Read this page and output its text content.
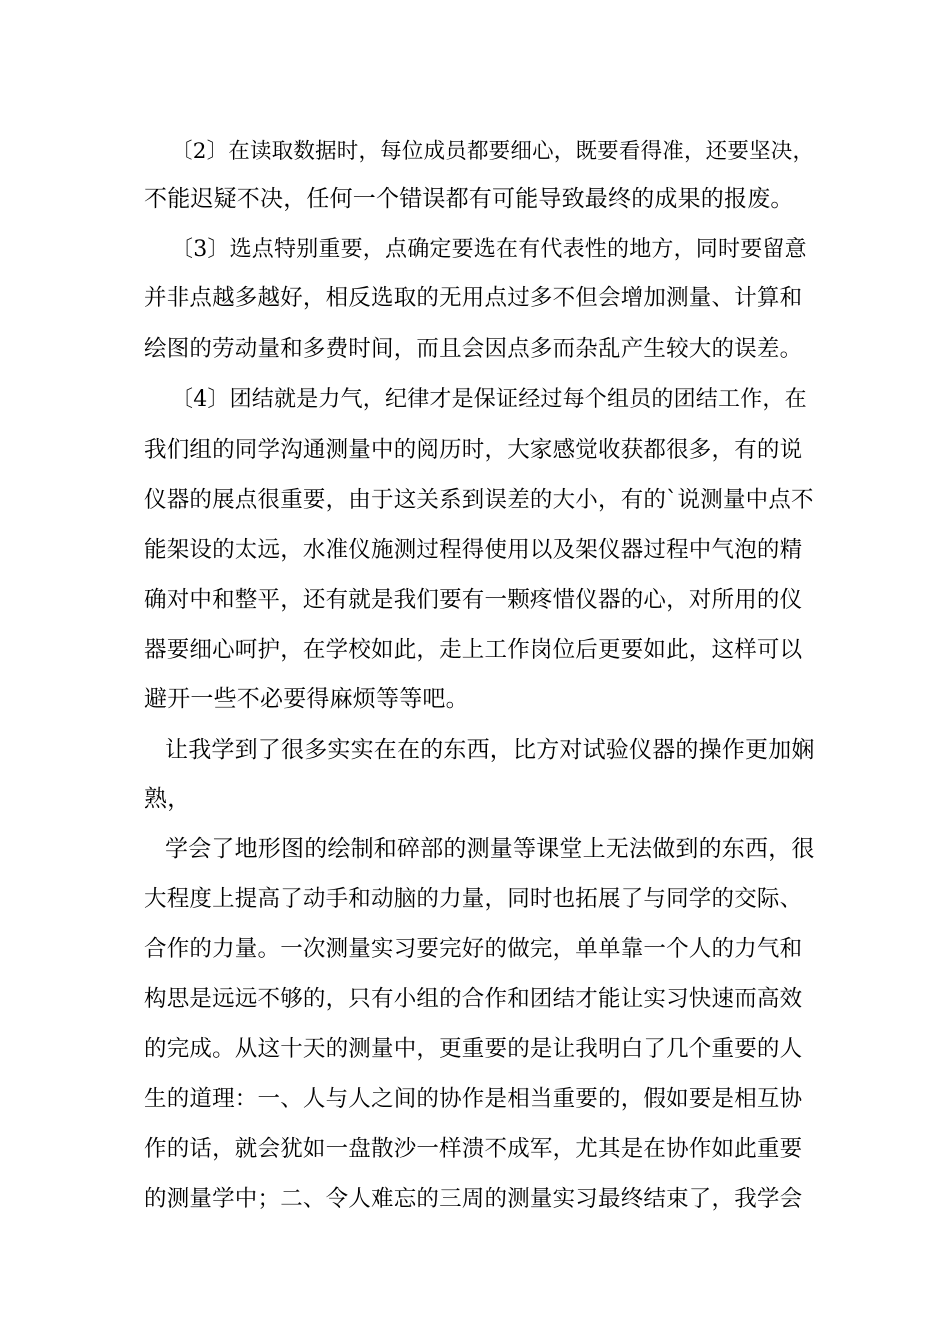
〔2〕在读取数据时，每位成员都要细心，既要看得准，还要坚决，
不能迟疑不决，任何一个错误都有可能导致最终的成果的报废。
〔3〕选点特别重要，点确定要选在有代表性的地方，同时要留意
并非点越多越好，相反选取的无用点过多不但会增加测量、计算和
绘图的劳动量和多费时间，而且会因点多而杂乱产生较大的误差。
〔4〕团结就是力气，纪律才是保证经过每个组员的团结工作，在
我们组的同学沟通测量中的阅历时，大家感觉收获都很多，有的说
仪器的展点很重要，由于这关系到误差的大小，有的`说测量中点不
能架设的太远，水准仪施测过程得使用以及架仪器过程中气泡的精
确对中和整平，还有就是我们要有一颗疼惜仪器的心，对所用的仪
器要细心呵护，在学校如此，走上工作岗位后更要如此，这样可以
避开一些不必要得麻烦等等吧。
让我学到了很多实实在在的东西，比方对试验仪器的操作更加娴
熟，
学会了地形图的绘制和碎部的测量等课堂上无法做到的东西，很
大程度上提高了动手和动脑的力量，同时也拓展了与同学的交际、
合作的力量。一次测量实习要完好的做完，单单靠一个人的力气和
构思是远远不够的，只有小组的合作和团结才能让实习快速而高效
的完成。从这十天的测量中，更重要的是让我明白了几个重要的人
生的道理：一、人与人之间的协作是相当重要的，假如要是相互协
作的话，就会犹如一盘散沙一样溃不成军，尤其是在协作如此重要
的测量学中；二、令人难忘的三周的测量实习最终结束了，我学会
